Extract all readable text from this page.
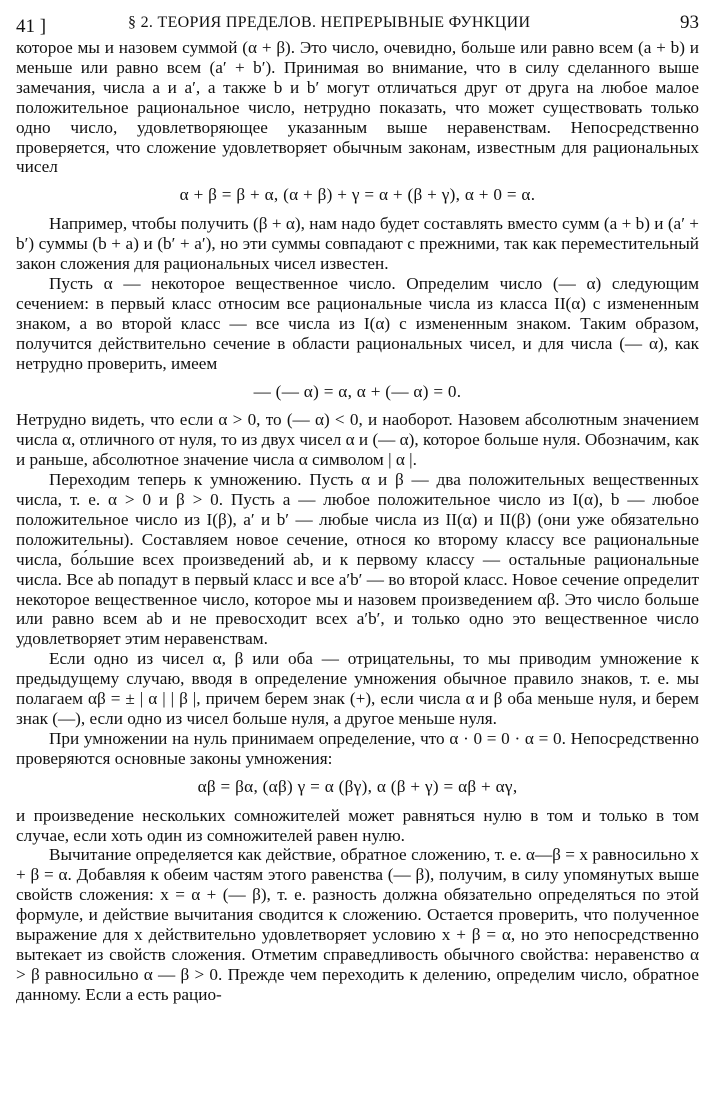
41 ]	§ 2. ТЕОРИЯ ПРЕДЕЛОВ. НЕПРЕРЫВНЫЕ ФУНКЦИИ	93

которое мы и назовем суммой (α + β). Это число, очевидно, больше или равно всем (a + b) и меньше или равно всем (a′ + b′). Принимая во внимание, что в силу сделанного выше замечания, числа a и a′, а также b и b′ могут отличаться друг от друга на любое малое положительное рациональное число, нетрудно показать, что может существовать только одно число, удовлетворяющее указанным выше неравенствам. Непосредственно проверяется, что сложение удовлетворяет обычным законам, известным для рациональных чисел

α + β = β + α, (α + β) + γ = α + (β + γ), α + 0 = α.

Например, чтобы получить (β + α), нам надо будет составлять вместо сумм (a + b) и (a′ + b′) суммы (b + a) и (b′ + a′), но эти суммы совпадают с прежними, так как переместительный закон сложения для рациональных чисел известен.

Пусть α — некоторое вещественное число. Определим число (— α) следующим сечением: в первый класс относим все рациональные числа из класса II(α) с измененным знаком, а во второй класс — все числа из I(α) с измененным знаком. Таким образом, получится действительно сечение в области рациональных чисел, и для числа (— α), как нетрудно проверить, имеем

— (— α) = α, α + (— α) = 0.

Нетрудно видеть, что если α > 0, то (— α) < 0, и наоборот. Назовем абсолютным значением числа α, отличного от нуля, то из двух чисел α и (— α), которое больше нуля. Обозначим, как и раньше, абсолютное значение числа α символом | α |.

Переходим теперь к умножению. Пусть α и β — два положительных вещественных числа, т. е. α > 0 и β > 0. Пусть a — любое положительное число из I(α), b — любое положительное число из I(β), a′ и b′ — любые числа из II(α) и II(β) (они уже обязательно положительны). Составляем новое сечение, относя ко второму классу все рациональные числа, бо́льшие всех произведений ab, и к первому классу — остальные рациональные числа. Все ab попадут в первый класс и все a′b′ — во второй класс. Новое сечение определит некоторое вещественное число, которое мы и назовем произведением αβ. Это число больше или равно всем ab и не превосходит всех a′b′, и только одно это вещественное число удовлетворяет этим неравенствам.

Если одно из чисел α, β или оба — отрицательны, то мы приводим умножение к предыдущему случаю, вводя в определение умножения обычное правило знаков, т. е. мы полагаем αβ = ± | α | | β |, причем берем знак (+), если числа α и β оба меньше нуля, и берем знак (—), если одно из чисел больше нуля, а другое меньше нуля.

При умножении на нуль принимаем определение, что α · 0 = 0 · α = 0. Непосредственно проверяются основные законы умножения:

αβ = βα, (αβ) γ = α (βγ), α (β + γ) = αβ + αγ,

и произведение нескольких сомножителей может равняться нулю в том и только в том случае, если хоть один из сомножителей равен нулю.

Вычитание определяется как действие, обратное сложению, т. е. α—β = x равносильно x + β = α. Добавляя к обеим частям этого равенства (— β), получим, в силу упомянутых выше свойств сложения: x = α + (— β), т. е. разность должна обязательно определяться по этой формуле, и действие вычитания сводится к сложению. Остается проверить, что полученное выражение для x действительно удовлетворяет условию x + β = α, но это непосредственно вытекает из свойств сложения. Отметим справедливость обычного свойства: неравенство α > β равносильно α — β > 0. Прежде чем переходить к делению, определим число, обратное данному. Если a есть рацио-
